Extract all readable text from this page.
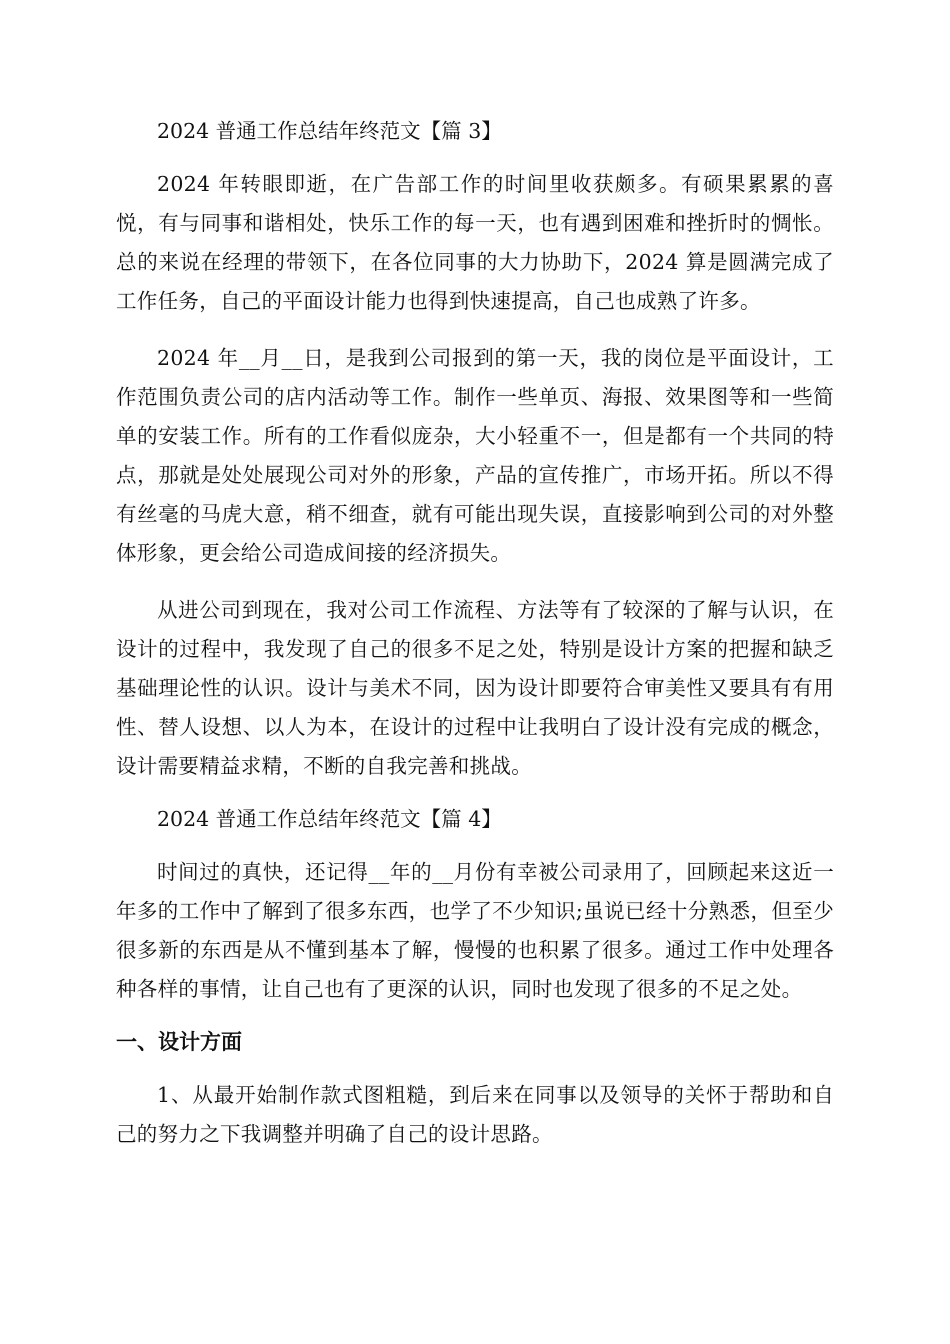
2024 普通工作总结年终范文【篇 3】

2024 年转眼即逝，在广告部工作的时间里收获颇多。有硕果累累的喜悦，有与同事和谐相处，快乐工作的每一天，也有遇到困难和挫折时的惆怅。总的来说在经理的带领下，在各位同事的大力协助下，2024 算是圆满完成了工作任务，自己的平面设计能力也得到快速提高，自己也成熟了许多。

2024 年__月__日，是我到公司报到的第一天，我的岗位是平面设计，工作范围负责公司的店内活动等工作。制作一些单页、海报、效果图等和一些简单的安装工作。所有的工作看似庞杂，大小轻重不一，但是都有一个共同的特点，那就是处处展现公司对外的形象，产品的宣传推广，市场开拓。所以不得有丝毫的马虎大意，稍不细查，就有可能出现失误，直接影响到公司的对外整体形象，更会给公司造成间接的经济损失。

从进公司到现在，我对公司工作流程、方法等有了较深的了解与认识，在设计的过程中，我发现了自己的很多不足之处，特别是设计方案的把握和缺乏基础理论性的认识。设计与美术不同，因为设计即要符合审美性又要具有有用性、替人设想、以人为本，在设计的过程中让我明白了设计没有完成的概念，设计需要精益求精，不断的自我完善和挑战。

2024 普通工作总结年终范文【篇 4】

时间过的真快，还记得__年的__月份有幸被公司录用了，回顾起来这近一年多的工作中了解到了很多东西，也学了不少知识;虽说已经十分熟悉，但至少很多新的东西是从不懂到基本了解，慢慢的也积累了很多。通过工作中处理各种各样的事情，让自己也有了更深的认识，同时也发现了很多的不足之处。

一、设计方面

1、从最开始制作款式图粗糙，到后来在同事以及领导的关怀于帮助和自己的努力之下我调整并明确了自己的设计思路。
